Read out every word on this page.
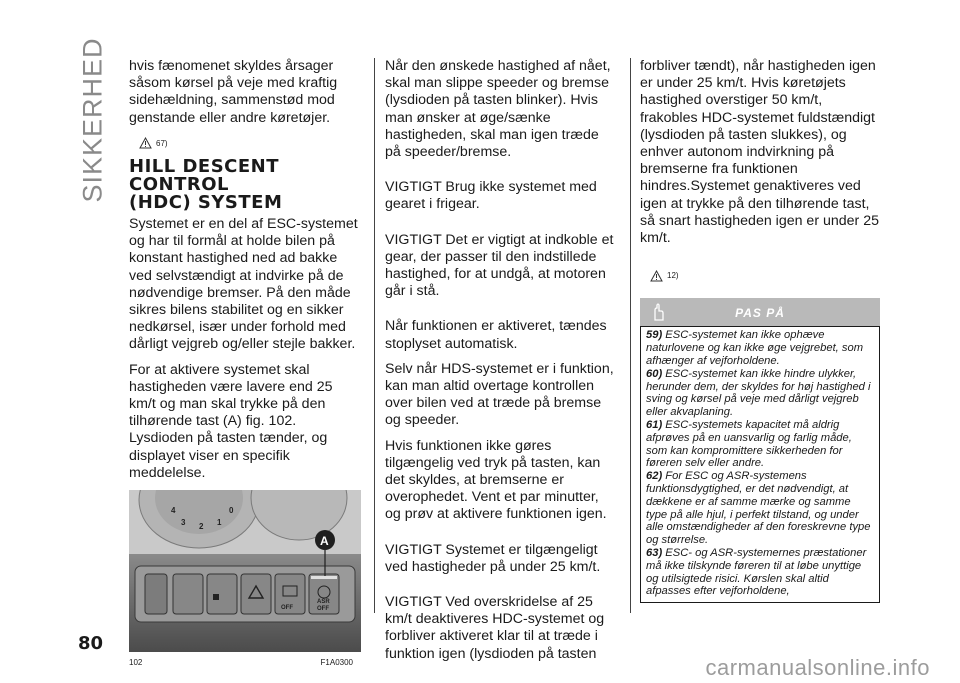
SIKKERHED hvis fænomenet skyldes årsager såsom kørsel på veje med kraftig sidehældning, sammenstød mod genstande eller andre køretøjer.

67)
HILL DESCENT CONTROL
(HDC) SYSTEM

Systemet er en del af ESC-systemet og har til formål at holde bilen på konstant hastighed ned ad bakke ved selvstændigt at indvirke på de nødvendige bremser. På den måde sikres bilens stabilitet og en sikker nedkørsel, især under forhold med dårligt vejgreb og/eller stejle bakker.

For at aktivere systemet skal hastigheden være lavere end 25 km/t og man skal trykke på den tilhørende tast (A) fig. 102. Lysdioden på tasten tænder, og displayet viser en specifik meddelelse.

4
3 2 1
0
A
OFF
ASR
OFF
102	F1A0300

Når den ønskede hastighed af nået, skal man slippe speeder og bremse (lysdioden på tasten blinker). Hvis man ønsker at øge/sænke hastigheden, skal man igen træde på speeder/bremse.

VIGTIGT Brug ikke systemet med gearet i frigear.

VIGTIGT Det er vigtigt at indkoble et gear, der passer til den indstillede hastighed, for at undgå, at motoren går i stå.

Når funktionen er aktiveret, tændes stoplyset automatisk.

Selv når HDS-systemet er i funktion, kan man altid overtage kontrollen over bilen ved at træde på bremse og speeder.

Hvis funktionen ikke gøres tilgængelig ved tryk på tasten, kan det skyldes, at bremserne er overophedet. Vent et par minutter, og prøv at aktivere funktionen igen.

VIGTIGT Systemet er tilgængeligt ved hastigheder på under 25 km/t.

VIGTIGT Ved overskridelse af 25 km/t deaktiveres HDC-systemet og forbliver aktiveret klar til at træde i funktion igen (lysdioden på tasten

forbliver tændt), når hastigheden igen er under 25 km/t. Hvis køretøjets hastighed overstiger 50 km/t, frakobles HDC-systemet fuldstændigt (lysdioden på tasten slukkes), og enhver autonom indvirkning på bremserne fra funktionen hindres.Systemet genaktiveres ved igen at trykke på den tilhørende tast, så snart hastigheden igen er under 25 km/t.

12)
PAS PÅ

59) ESC-systemet kan ikke ophæve naturlovene og kan ikke øge vejgrebet, som afhænger af vejforholdene.

60) ESC-systemet kan ikke hindre ulykker, herunder dem, der skyldes for høj hastighed i sving og kørsel på veje med dårligt vejgreb eller akvaplaning.

61) ESC-systemets kapacitet må aldrig afprøves på en uansvarlig og farlig måde, som kan kompromittere sikkerheden for føreren selv eller andre.

62) For ESC og ASR-systemens funktionsdygtighed, er det nødvendigt, at dækkene er af samme mærke og samme type på alle hjul, i perfekt tilstand, og under alle omstændigheder af den foreskrevne type og størrelse.

63) ESC- og ASR-systemernes præstationer må ikke tilskynde føreren til at løbe unyttige og utilsigtede risici. Kørslen skal altid afpasses efter vejforholdene,

80
carmanualsonline.info
